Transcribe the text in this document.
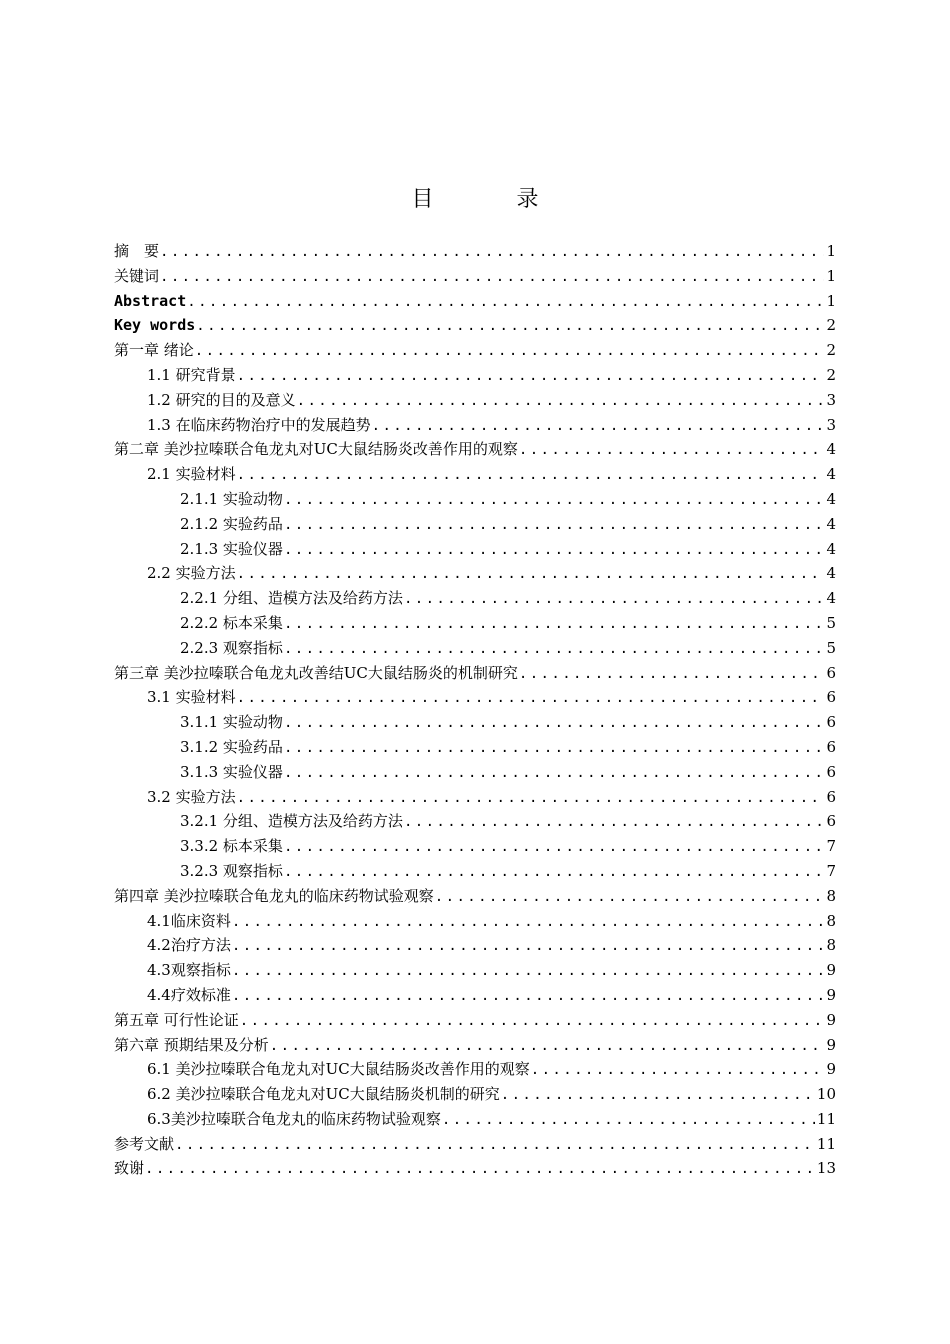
目 录
摘　要 .....	1
关键词 .....	1
Abstract .....	1
Key words .....	2
第一章 绪论 .....	2
1.1 研究背景 .....	2
1.2 研究的目的及意义 .....	3
1.3 在临床药物治疗中的发展趋势 .....	3
第二章 美沙拉嗪联合龟龙丸对UC大鼠结肠炎改善作用的观察 .....	4
2.1 实验材料 .....	4
2.1.1 实验动物 .....	4
2.1.2 实验药品 .....	4
2.1.3 实验仪器 .....	4
2.2 实验方法 .....	4
2.2.1 分组、造模方法及给药方法 .....	4
2.2.2 标本采集 .....	5
2.2.3 观察指标 .....	5
第三章 美沙拉嗪联合龟龙丸改善结UC大鼠结肠炎的机制研究 .....	6
3.1 实验材料 .....	6
3.1.1 实验动物 .....	6
3.1.2 实验药品 .....	6
3.1.3 实验仪器 .....	6
3.2 实验方法 .....	6
3.2.1 分组、造模方法及给药方法 .....	6
3.3.2 标本采集 .....	7
3.2.3 观察指标 .....	7
第四章 美沙拉嗪联合龟龙丸的临床药物试验观察 .....	8
4.1临床资料 .....	8
4.2治疗方法 .....	8
4.3观察指标 .....	9
4.4疗效标准 .....	9
第五章 可行性论证 .....	9
第六章 预期结果及分析 .....	9
6.1 美沙拉嗪联合龟龙丸对UC大鼠结肠炎改善作用的观察 .....	9
6.2 美沙拉嗪联合龟龙丸对UC大鼠结肠炎机制的研究 .....	10
6.3美沙拉嗪联合龟龙丸的临床药物试验观察 .....	11
参考文献 .....	11
致谢 .....	13
